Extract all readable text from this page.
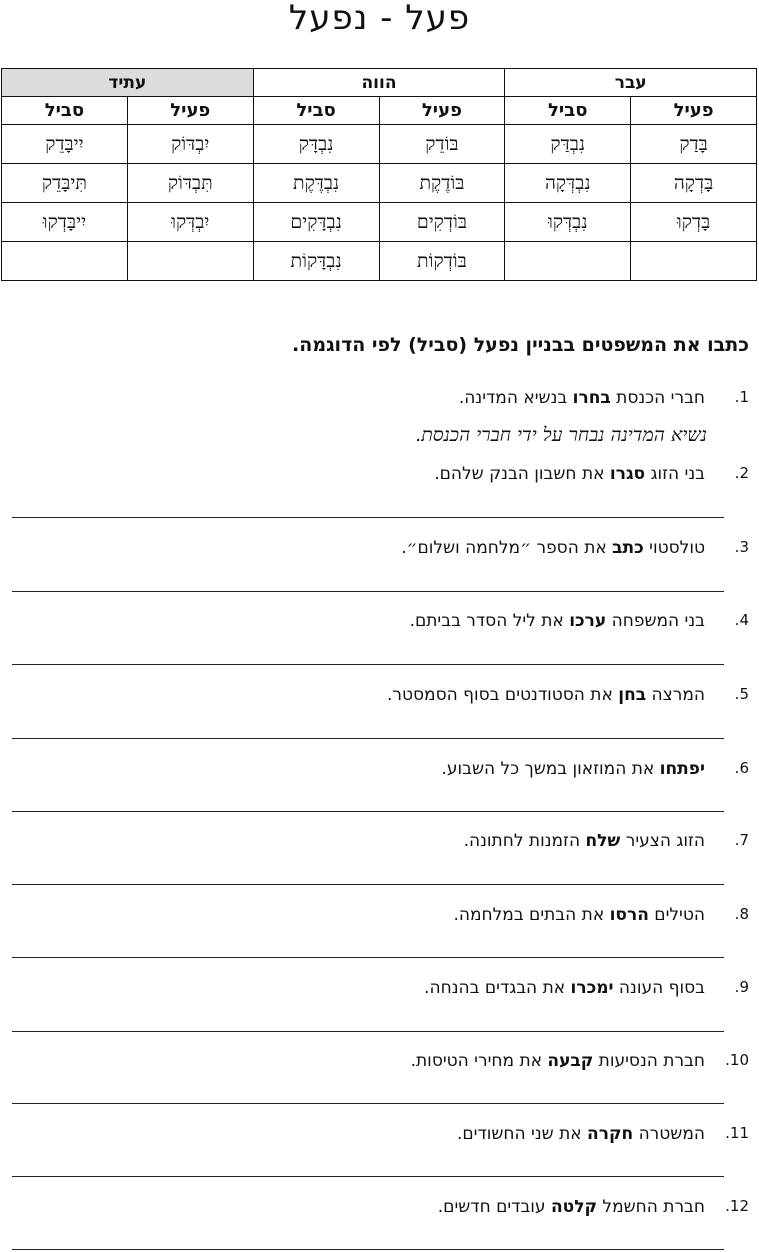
פעל - נפעל
עבר		הווה		עתיד	
פעיל	סביל	פעיל	סביל	פעיל	סביל
בָּדַק	נִבְדַּק	בּוֹדֵק	נִבְדָּק	יִבְדּוֹק	יִיבָּדֵק
בָּדְקָה	נִבְדְּקָה	בּוֹדֶקֶת	נִבְדֶּקֶת	תִּבְדּוֹק	תִּיבָּדֵק
בָּדְקוּ	נִבְדְּקוּ	בּוֹדְקִים	נִבְדָּקִים	יִבְדְּקוּ	יִיבָּדְקוּ
		בּוֹדְקוֹת	נִבְדָּקוֹת		
כתבו את המשפטים בבניין נפעל (סביל) לפי הדוגמה.
נשיא המדינה נבחר על ידי חברי הכנסת.
1.
חברי הכנסת בחרו בנשיא המדינה.
2.
בני הזוג סגרו את חשבון הבנק שלהם.
3.
טולסטוי כתב את הספר ״מלחמה ושלום״.
4.
בני המשפחה ערכו את ליל הסדר בביתם.
5.
המרצה בחן את הסטודנטים בסוף הסמסטר.
6.
יפתחו את המוזאון במשך כל השבוע.
7.
הזוג הצעיר שלח הזמנות לחתונה.
8.
הטילים הרסו את הבתים במלחמה.
9.
בסוף העונה ימכרו את הבגדים בהנחה.
10.
חברת הנסיעות קבעה את מחירי הטיסות.
11.
המשטרה חקרה את שני החשודים.
12.
חברת החשמל קלטה עובדים חדשים.
